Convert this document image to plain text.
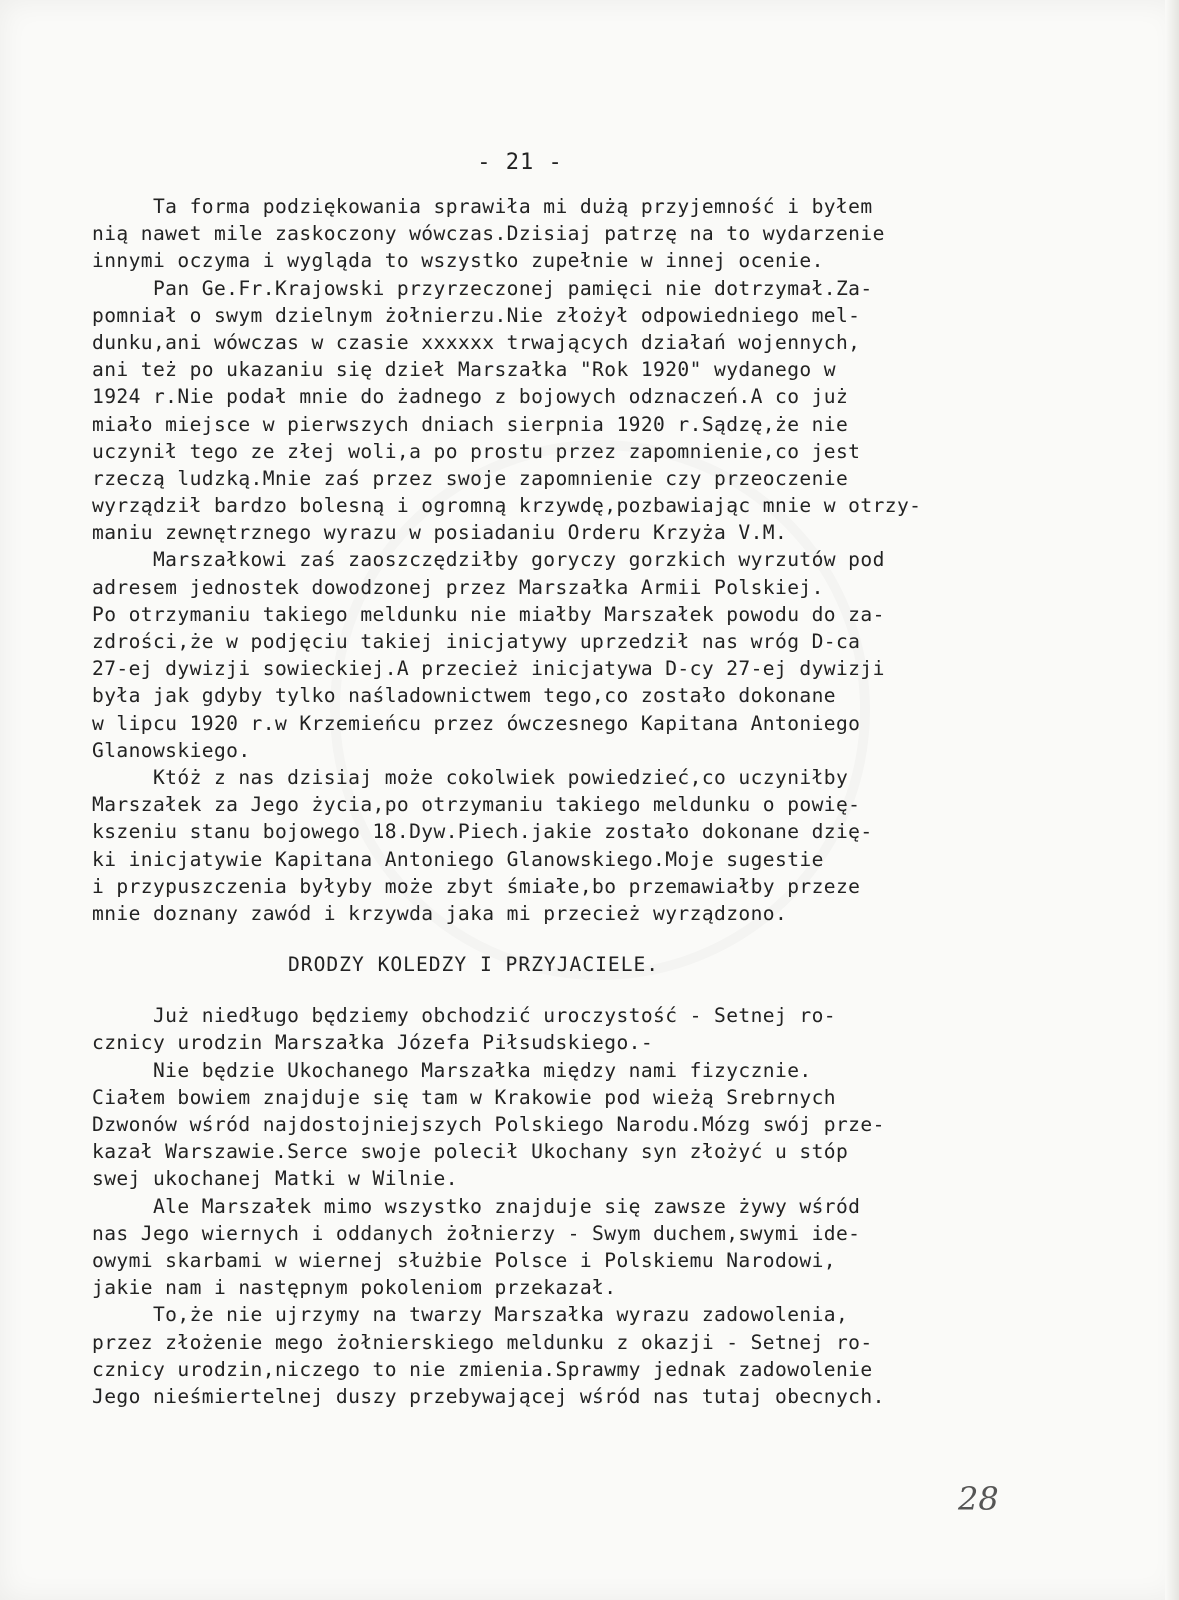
- 21 -
Ta forma podziękowania sprawiła mi dużą przyjemność i byłem
nią nawet mile zaskoczony wówczas.Dzisiaj patrzę na to wydarzenie
innymi oczyma i wygląda to wszystko zupełnie w innej ocenie.
Pan Ge.Fr.Krajowski przyrzeczonej pamięci nie dotrzymał.Za-
pomniał o swym dzielnym żołnierzu.Nie złożył odpowiedniego mel-
dunku,ani wówczas w czasie xxxxxx trwających działań wojennych,
ani też po ukazaniu się dzieł Marszałka "Rok 1920" wydanego w
1924 r.Nie podał mnie do żadnego z bojowych odznaczeń.A co już
miało miejsce w pierwszych dniach sierpnia 1920 r.Sądzę,że nie
uczynił tego ze złej woli,a po prostu przez zapomnienie,co jest
rzeczą ludzką.Mnie zaś przez swoje zapomnienie czy przeoczenie
wyrządził bardzo bolesną i ogromną krzywdę,pozbawiając mnie w otrzy-
maniu zewnętrznego wyrazu w posiadaniu Orderu Krzyża V.M.
Marszałkowi zaś zaoszczędziłby goryczy gorzkich wyrzutów pod
adresem jednostek dowodzonej przez Marszałka Armii Polskiej.
Po otrzymaniu takiego meldunku nie miałby Marszałek powodu do za-
zdrości,że w podjęciu takiej inicjatywy uprzedził nas wróg D-ca
27-ej dywizji sowieckiej.A przecież inicjatywa D-cy 27-ej dywizji
była jak gdyby tylko naśladownictwem tego,co zostało dokonane
w lipcu 1920 r.w Krzemieńcu przez ówczesnego Kapitana Antoniego
Glanowskiego.
Któż z nas dzisiaj może cokolwiek powiedzieć,co uczyniłby
Marszałek za Jego życia,po otrzymaniu takiego meldunku o powię-
kszeniu stanu bojowego 18.Dyw.Piech.jakie zostało dokonane dzię-
ki inicjatywie Kapitana Antoniego Glanowskiego.Moje sugestie
i przypuszczenia byłyby może zbyt śmiałe,bo przemawiałby przeze
mnie doznany zawód i krzywda jaka mi przecież wyrządzono.
DRODZY KOLEDZY I PRZYJACIELE.
Już niedługo będziemy obchodzić uroczystość - Setnej ro-
cznicy urodzin Marszałka Józefa Piłsudskiego.-
Nie będzie Ukochanego Marszałka między nami fizycznie.
Ciałem bowiem znajduje się tam w Krakowie pod wieżą Srebrnych
Dzwonów wśród najdostojniejszych Polskiego Narodu.Mózg swój prze-
kazał Warszawie.Serce swoje polecił Ukochany syn złożyć u stóp
swej ukochanej Matki w Wilnie.
Ale Marszałek mimo wszystko znajduje się zawsze żywy wśród
nas Jego wiernych i oddanych żołnierzy - Swym duchem,swymi ide-
owymi skarbami w wiernej służbie Polsce i Polskiemu Narodowi,
jakie nam i następnym pokoleniom przekazał.
To,że nie ujrzymy na twarzy Marszałka wyrazu zadowolenia,
przez złożenie mego żołnierskiego meldunku z okazji - Setnej ro-
cznicy urodzin,niczego to nie zmienia.Sprawmy jednak zadowolenie
Jego nieśmiertelnej duszy przebywającej wśród nas tutaj obecnych.
28
